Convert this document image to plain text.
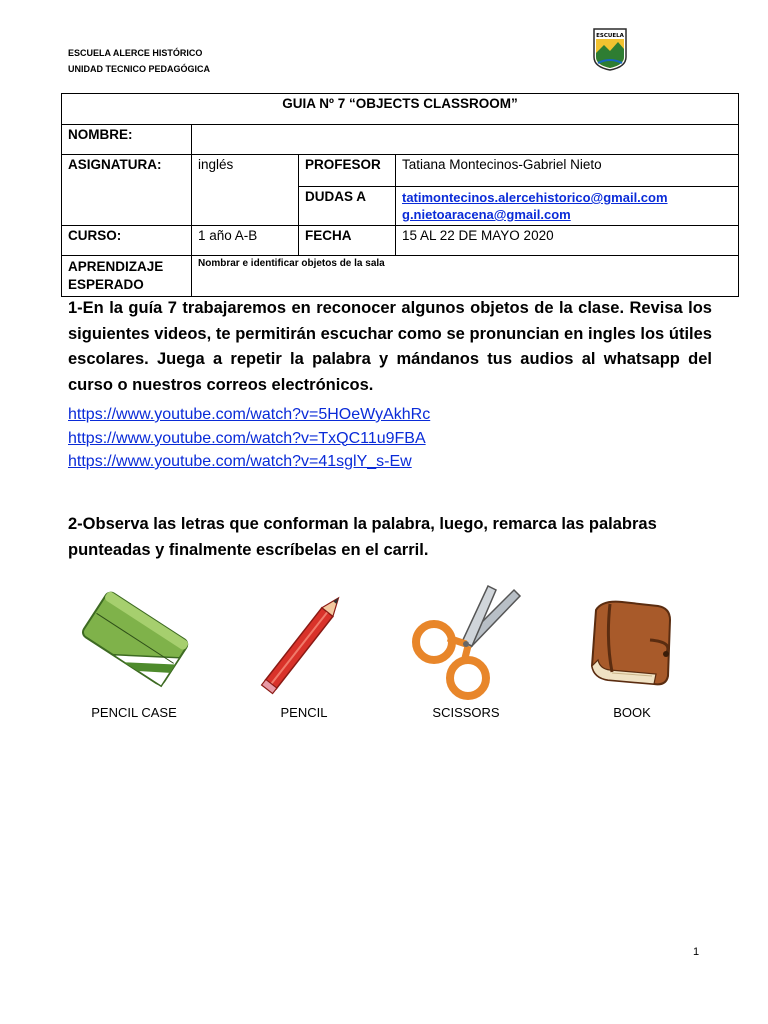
ESCUELA ALERCE HISTÓRICO
UNIDAD TECNICO PEDAGÓGICA
ESCUELA
GUIA Nº 7 “OBJECTS CLASSROOM”			
NOMBRE:			
ASIGNATURA:	inglés	PROFESOR	Tatiana Montecinos-Gabriel Nieto
		DUDAS A	tatimontecinos.alercehistorico@gmail.com
g.nietoaracena@gmail.com
CURSO:	1 año A-B	FECHA	15 AL 22 DE MAYO 2020
APRENDIZAJE ESPERADO	Nombrar e identificar objetos de la sala		
1-En la guía 7 trabajaremos en reconocer algunos objetos de la clase. Revisa los siguientes videos, te permitirán escuchar como se pronuncian en ingles los útiles escolares. Juega a repetir la palabra y mándanos tus audios al whatsapp del curso o nuestros correos electrónicos.
https://www.youtube.com/watch?v=5HOeWyAkhRc
https://www.youtube.com/watch?v=TxQC11u9FBA
https://www.youtube.com/watch?v=41sglY_s-Ew
2-Observa las letras que conforman la palabra, luego, remarca las palabras punteadas y finalmente escríbelas en el carril.
PENCIL CASE	PENCIL	SCISSORS	BOOK
1
